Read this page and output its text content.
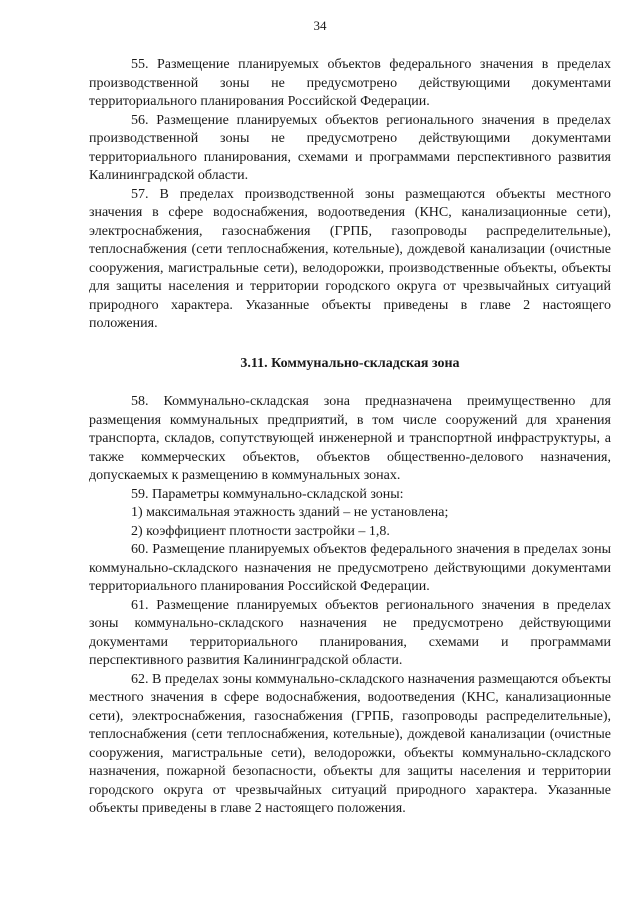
34

55. Размещение планируемых объектов федерального значения в пределах производственной зоны не предусмотрено действующими документами территориального планирования Российской Федерации.

56. Размещение планируемых объектов регионального значения в пределах производственной зоны не предусмотрено действующими документами территориального планирования, схемами и программами перспективного развития Калининградской области.

57. В пределах производственной зоны размещаются объекты местного значения в сфере водоснабжения, водоотведения (КНС, канализационные сети), электроснабжения, газоснабжения (ГРПБ, газопроводы распределительные), теплоснабжения (сети теплоснабжения, котельные), дождевой канализации (очистные сооружения, магистральные сети), велодорожки, производственные объекты, объекты для защиты населения и территории городского округа от чрезвычайных ситуаций природного характера. Указанные объекты приведены в главе 2 настоящего положения.

3.11. Коммунально-складская зона

58. Коммунально-складская зона предназначена преимущественно для размещения коммунальных предприятий, в том числе сооружений для хранения транспорта, складов, сопутствующей инженерной и транспортной инфраструктуры, а также коммерческих объектов, объектов общественно-делового назначения, допускаемых к размещению в коммунальных зонах.

59. Параметры коммунально-складской зоны:

1) максимальная этажность зданий – не установлена;

2) коэффициент плотности застройки – 1,8.

60. Размещение планируемых объектов федерального значения в пределах зоны коммунально-складского назначения не предусмотрено действующими документами территориального планирования Российской Федерации.

61. Размещение планируемых объектов регионального значения в пределах зоны коммунально-складского назначения не предусмотрено действующими документами территориального планирования, схемами и программами перспективного развития Калининградской области.

62. В пределах зоны коммунально-складского назначения размещаются объекты местного значения в сфере водоснабжения, водоотведения (КНС, канализационные сети), электроснабжения, газоснабжения (ГРПБ, газопроводы распределительные), теплоснабжения (сети теплоснабжения, котельные), дождевой канализации (очистные сооружения, магистральные сети), велодорожки, объекты коммунально-складского назначения, пожарной безопасности, объекты для защиты населения и территории городского округа от чрезвычайных ситуаций природного характера. Указанные объекты приведены в главе 2 настоящего положения.
